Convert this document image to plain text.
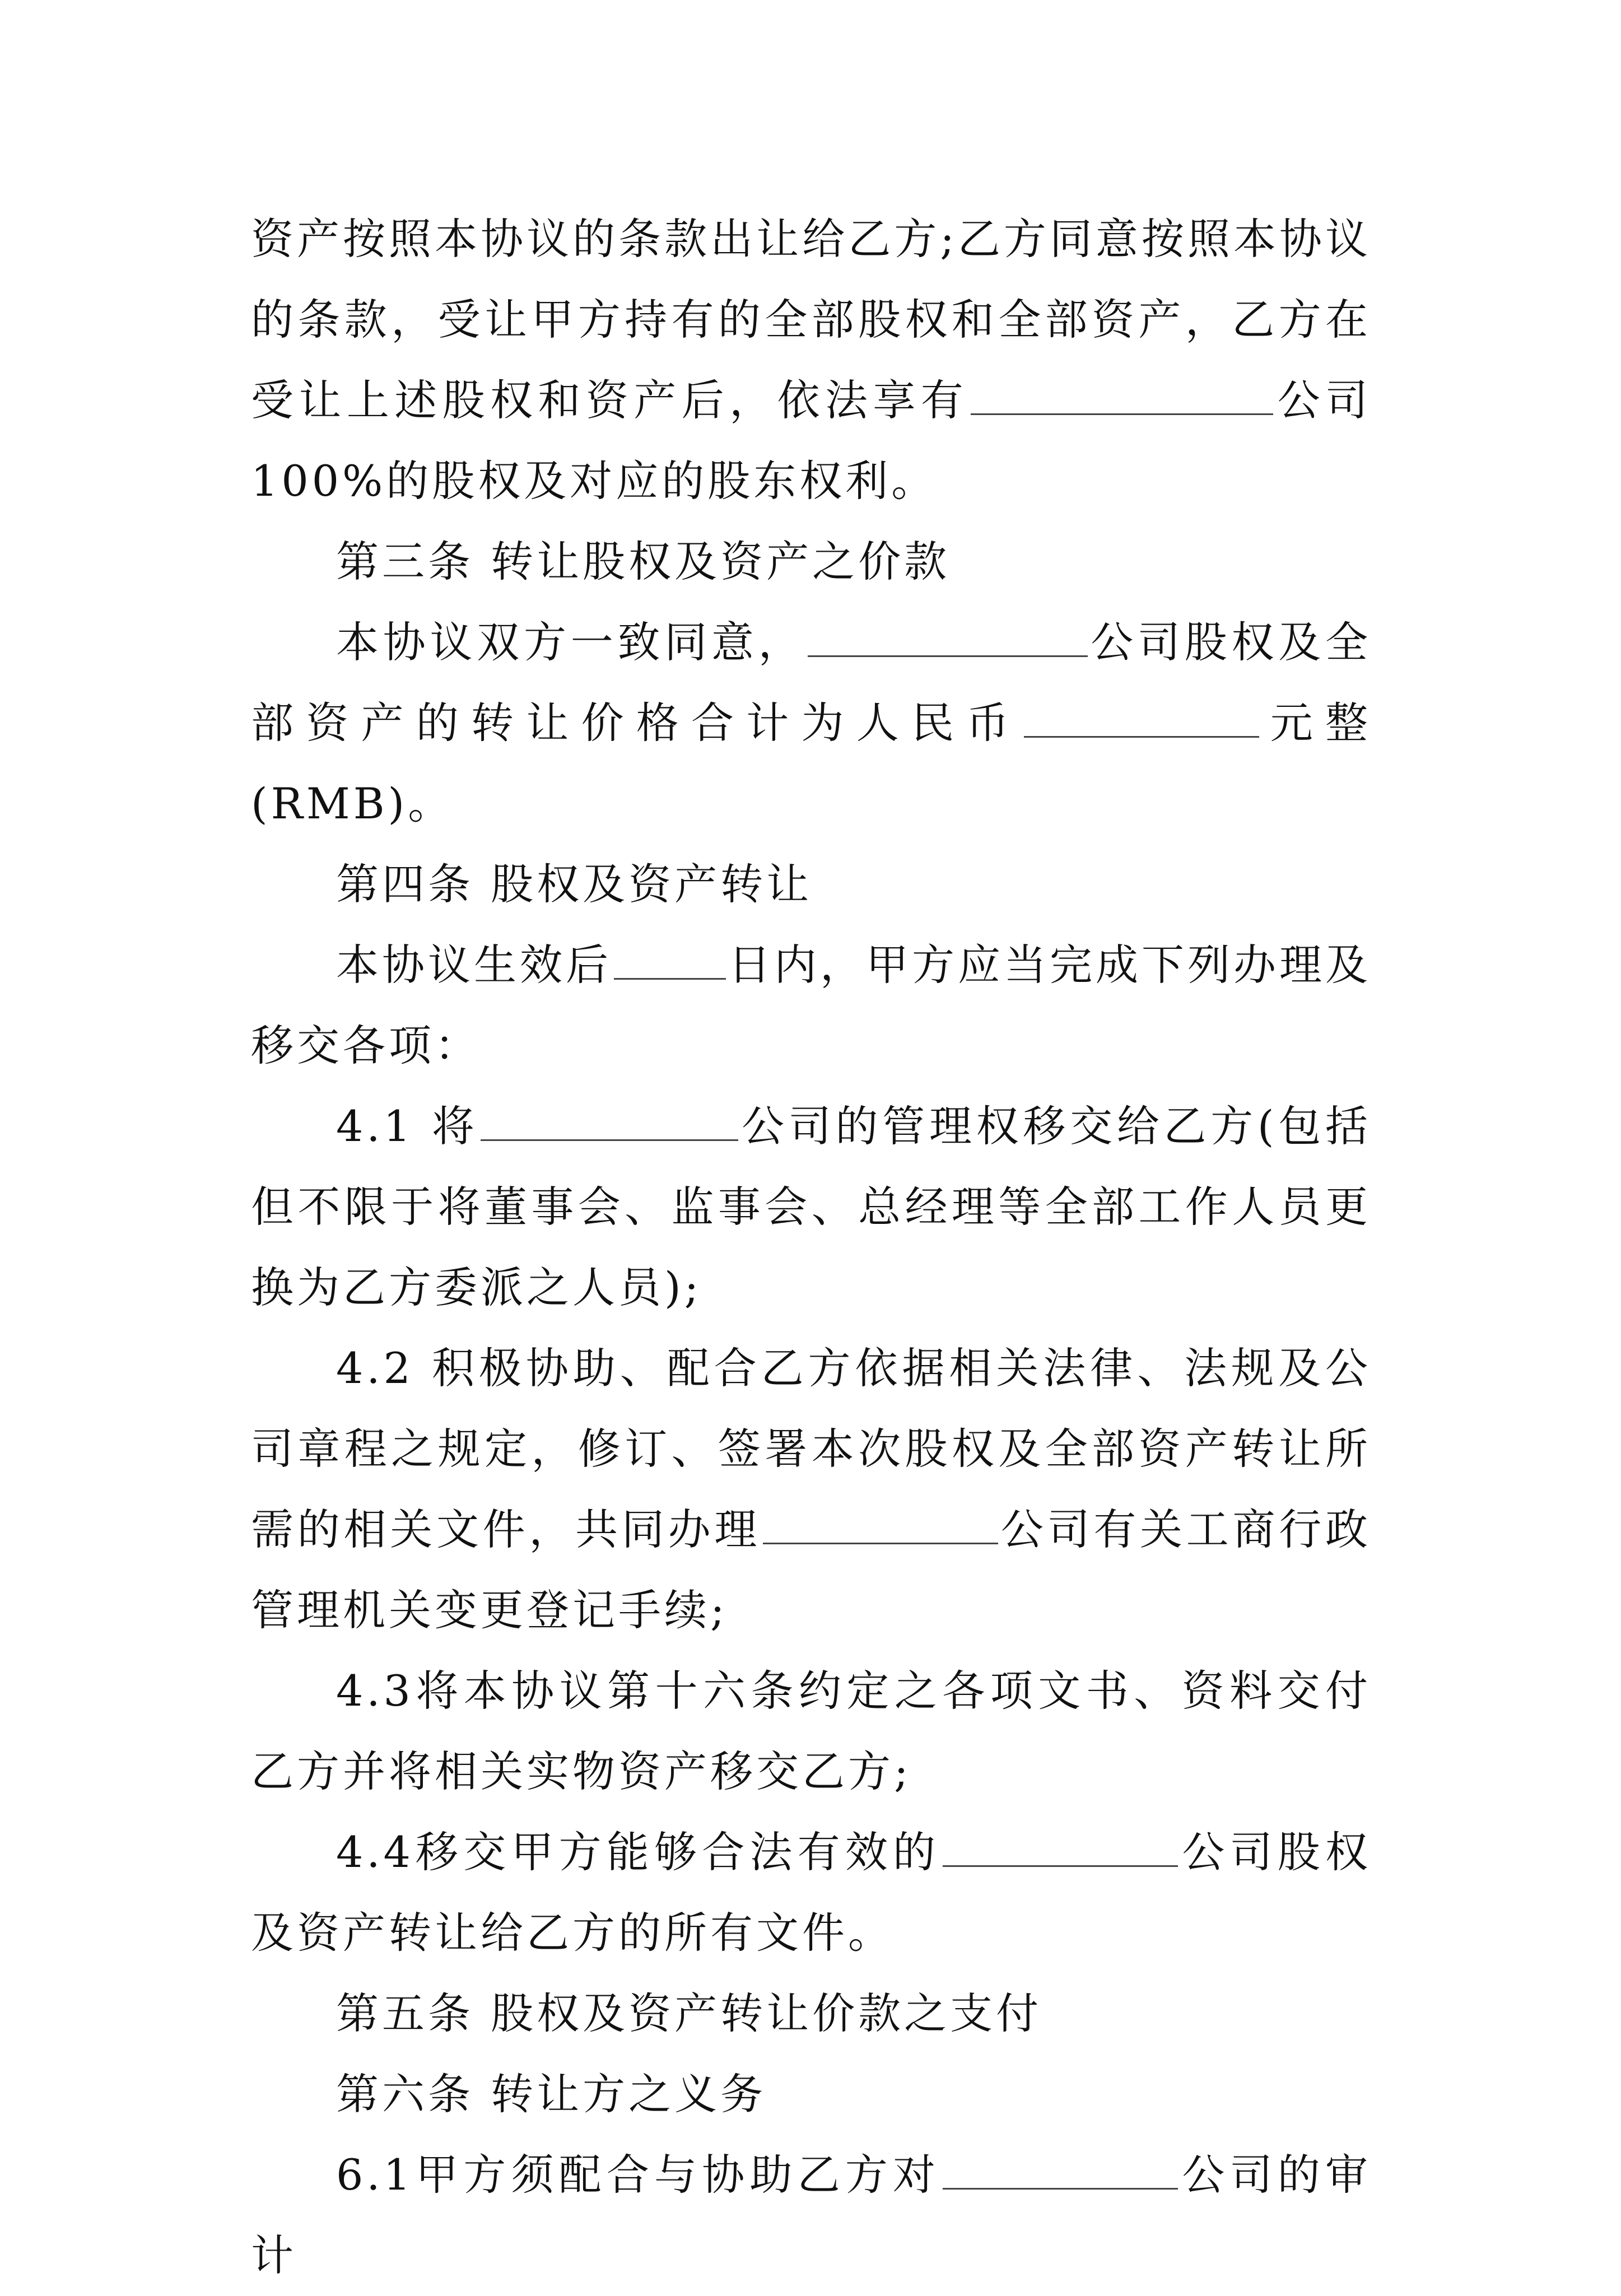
资产按照本协议的条款出让给乙方;乙方同意按照本协议的条款，受让甲方持有的全部股权和全部资产，乙方在受让上述股权和资产后，依法享有	公司100%的股权及对应的股东权利。

第三条 转让股权及资产之价款

本协议双方一致同意，	公司股权及全部资产的转让价格合计为人民币	元整(RMB)。

第四条 股权及资产转让

本协议生效后	日内，甲方应当完成下列办理及移交各项：

4.1 将	公司的管理权移交给乙方(包括但不限于将董事会、监事会、总经理等全部工作人员更换为乙方委派之人员);

4.2 积极协助、配合乙方依据相关法律、法规及公司章程之规定，修订、签署本次股权及全部资产转让所需的相关文件，共同办理	公司有关工商行政管理机关变更登记手续;

4.3将本协议第十六条约定之各项文书、资料交付乙方并将相关实物资产移交乙方;

4.4移交甲方能够合法有效的	公司股权及资产转让给乙方的所有文件。

第五条 股权及资产转让价款之支付

第六条 转让方之义务

6.1甲方须配合与协助乙方对	公司的审计
